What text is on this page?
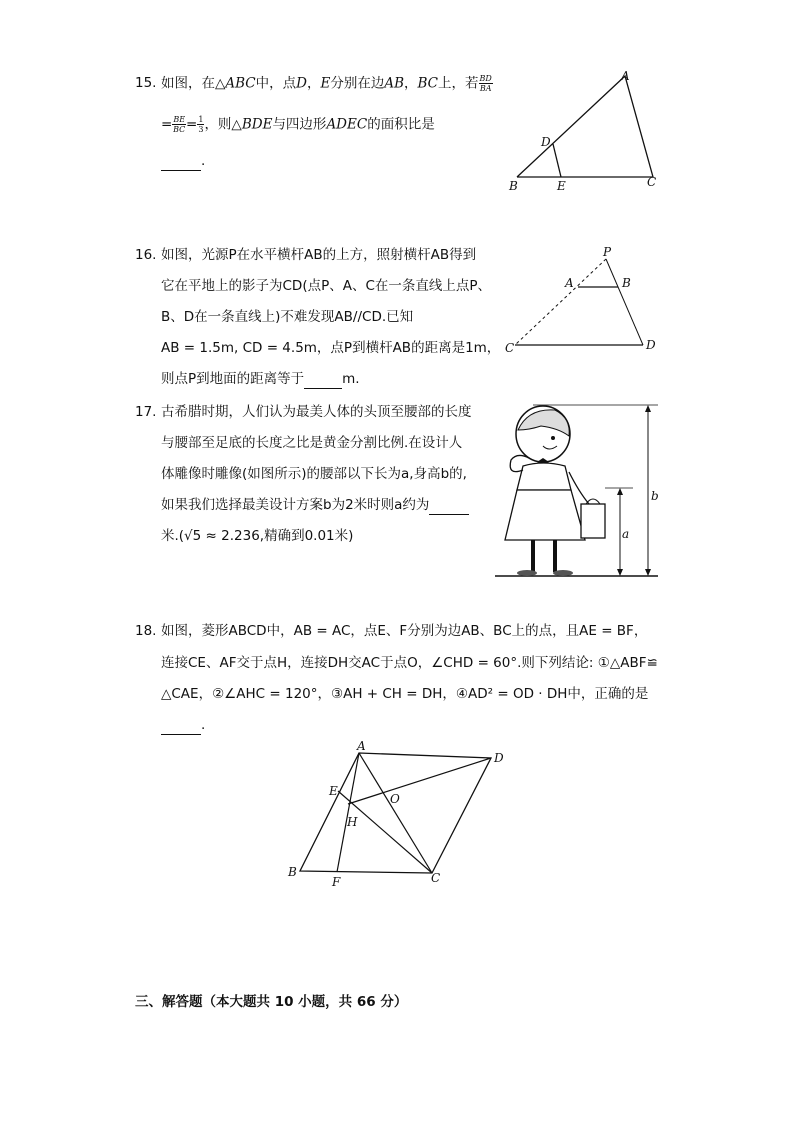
15. 如图，在△ABC中，点D，E分别在边AB，BC上，若 $\frac{BD}{BA}$
= $\frac{BE}{BC} = \frac{1}{3}$ ，则△BDE与四边形ADEC的面积比是
.
A
D
B	E	C
16. 如图，光源P在水平横杆AB的上方，照射横杆AB得到
它在平地上的影子为CD(点P、A、C在一条直线上点P、
B、D在一条直线上)不难发现AB//CD.已知
AB = 1.5m, CD = 4.5m，点P到横杆AB的距离是1m，
则点P到地面的距离等于	m.
P
A	B
C	D
17. 古希腊时期，人们认为最美人体的头顶至腰部的长度
与腰部至足底的长度之比是黄金分割比例.在设计人
体雕像时雕像(如图所示)的腰部以下长为a,身高b的,
如果我们选择最美设计方案b为2米时则a约为
米.(√5 ≈ 2.236,精确到0.01米)
b
a
18. 如图，菱形ABCD中，AB = AC，点E、F分别为边AB、BC上的点，且AE = BF，
连接CE、AF交于点H，连接DH交AC于点O，∠CHD = 60°.则下列结论: ①△ABF≌
△CAE，②∠AHC = 120°，③AH + CH = DH，④AD² = OD · DH中，正确的是
.
A
D
E
O
H
B
F	C
三、解答题（本大题共 10 小题，共 66 分）
